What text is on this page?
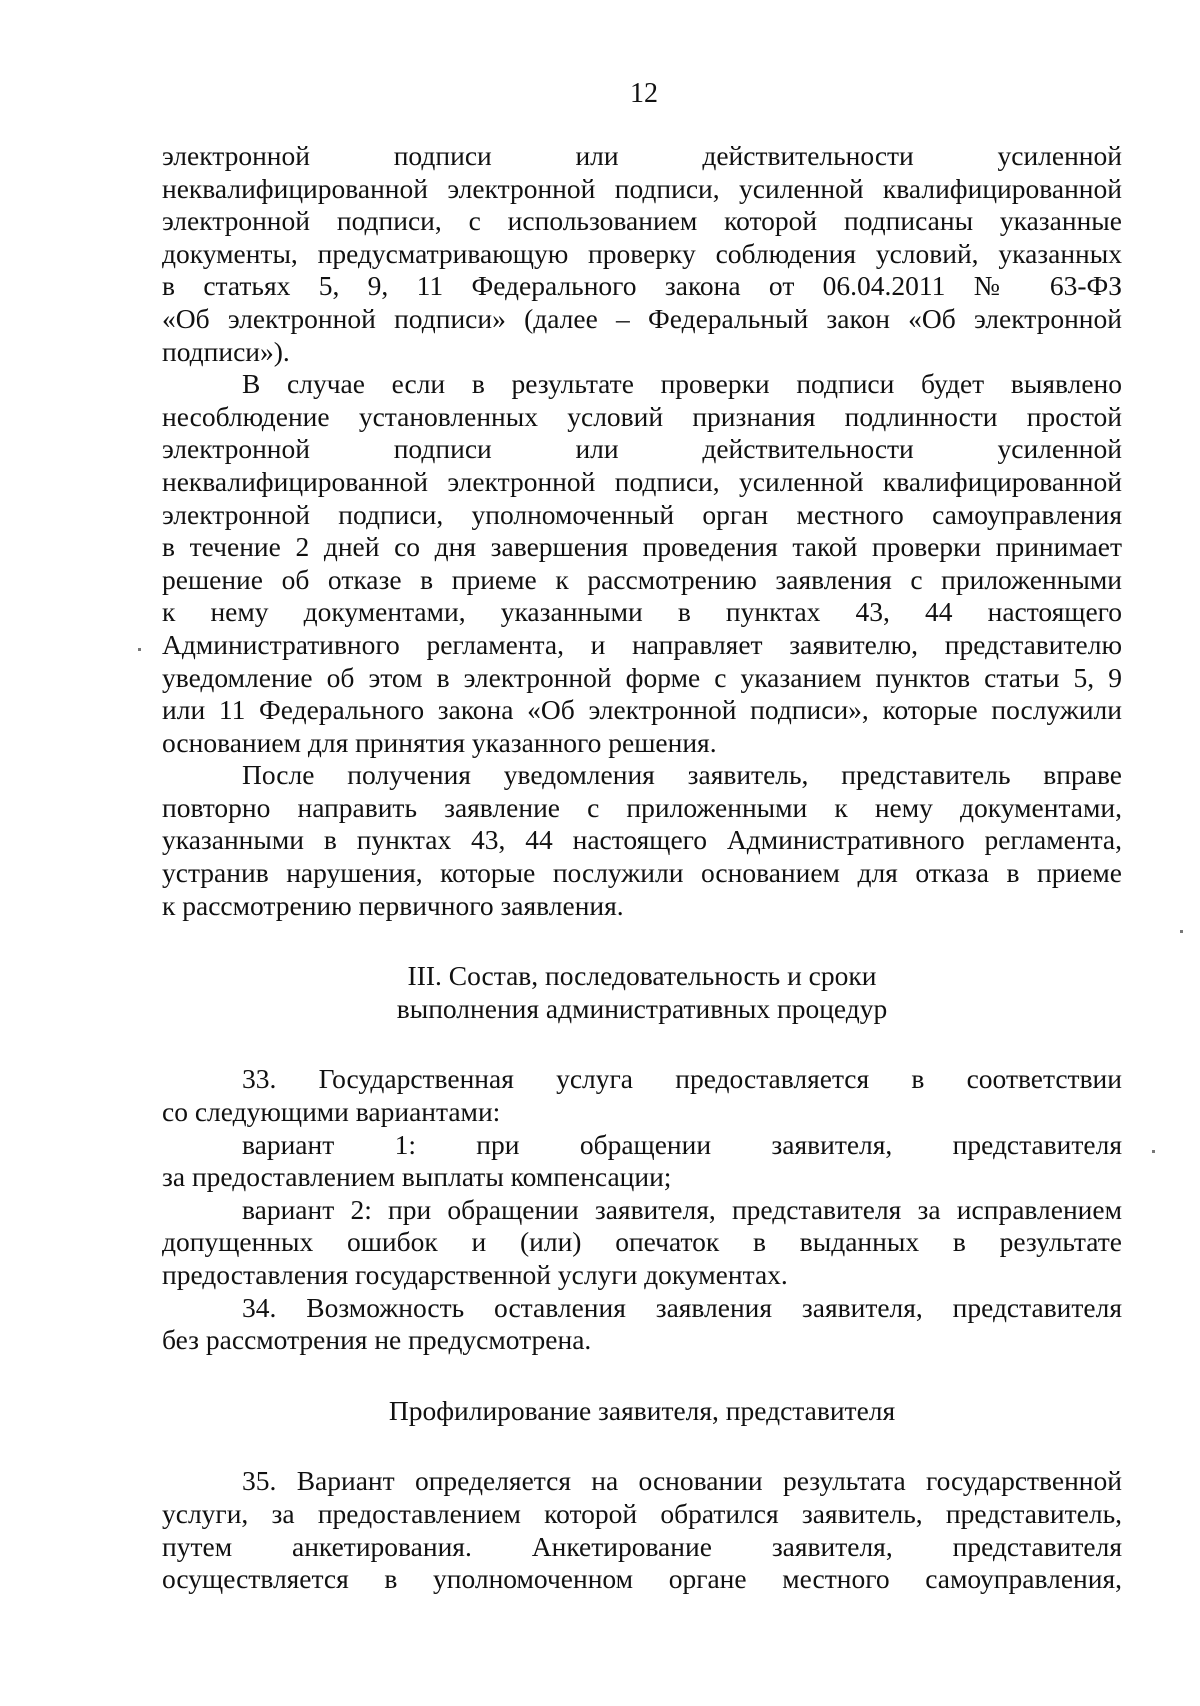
12

электронной подписи или действительности усиленной
неквалифицированной электронной подписи, усиленной квалифицированной
электронной подписи, с использованием которой подписаны указанные
документы, предусматривающую проверку соблюдения условий, указанных
в статьях 5, 9, 11 Федерального закона от 06.04.2011 № 63-ФЗ
«Об электронной подписи» (далее – Федеральный закон «Об электронной
подписи»).

В случае если в результате проверки подписи будет выявлено
несоблюдение установленных условий признания подлинности простой
электронной подписи или действительности усиленной
неквалифицированной электронной подписи, усиленной квалифицированной
электронной подписи, уполномоченный орган местного самоуправления
в течение 2 дней со дня завершения проведения такой проверки принимает
решение об отказе в приеме к рассмотрению заявления с приложенными
к нему документами, указанными в пунктах 43, 44 настоящего
Административного регламента, и направляет заявителю, представителю
уведомление об этом в электронной форме с указанием пунктов статьи 5, 9
или 11 Федерального закона «Об электронной подписи», которые послужили
основанием для принятия указанного решения.

После получения уведомления заявитель, представитель вправе
повторно направить заявление с приложенными к нему документами,
указанными в пунктах 43, 44 настоящего Административного регламента,
устранив нарушения, которые послужили основанием для отказа в приеме
к рассмотрению первичного заявления.

III. Состав, последовательность и сроки
выполнения административных процедур

33. Государственная услуга предоставляется в соответствии
со следующими вариантами:

вариант 1: при обращении заявителя, представителя
за предоставлением выплаты компенсации;

вариант 2: при обращении заявителя, представителя за исправлением
допущенных ошибок и (или) опечаток в выданных в результате
предоставления государственной услуги документах.

34. Возможность оставления заявления заявителя, представителя
без рассмотрения не предусмотрена.

Профилирование заявителя, представителя

35. Вариант определяется на основании результата государственной
услуги, за предоставлением которой обратился заявитель, представитель,
путем анкетирования. Анкетирование заявителя, представителя
осуществляется в уполномоченном органе местного самоуправления,
